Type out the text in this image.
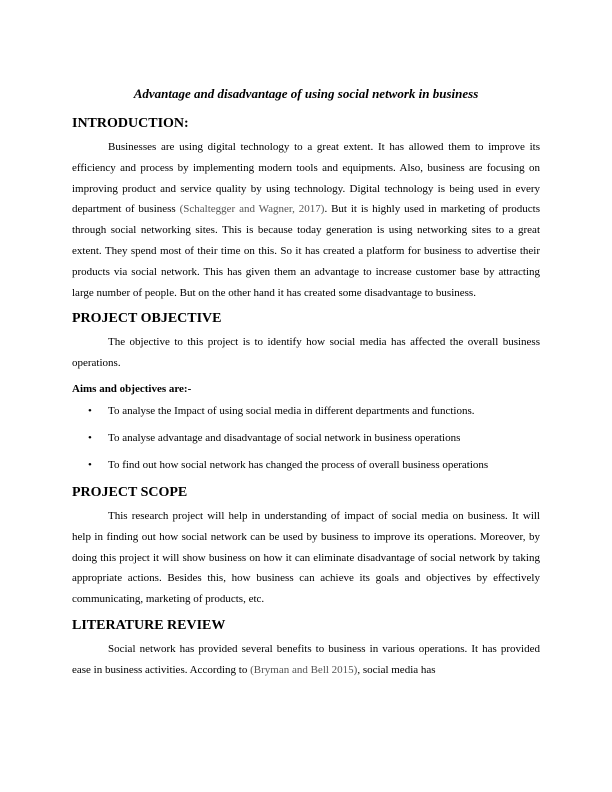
Advantage and disadvantage of using social network in business
INTRODUCTION:

Businesses are using digital technology to a great extent. It has allowed them to improve its efficiency and process by implementing modern tools and equipments. Also, business are focusing on improving product and service quality by using technology. Digital technology is being used in every department of business (Schaltegger and Wagner, 2017). But it is highly used in marketing of products through social networking sites. This is because today generation is using networking sites to a great extent. They spend most of their time on this. So it has created a platform for business to advertise their products via social network. This has given them an advantage to increase customer base by attracting large number of people. But on the other hand it has created some disadvantage to business.

PROJECT OBJECTIVE

The objective to this project is to identify how social media has affected the overall business operations.

Aims and objectives are:-
• To analyse the Impact of using social media in different departments and functions.
• To analyse advantage and disadvantage of social network in business operations
• To find out how social network has changed the process of overall business operations
PROJECT SCOPE

This research project will help in understanding of impact of social media on business. It will help in finding out how social network can be used by business to improve its operations. Moreover, by doing this project it will show business on how it can eliminate disadvantage of social network by taking appropriate actions. Besides this, how business can achieve its goals and objectives by effectively communicating, marketing of products, etc.

LITERATURE REVIEW

Social network has provided several benefits to business in various operations. It has provided ease in business activities. According to (Bryman and Bell 2015), social media has
